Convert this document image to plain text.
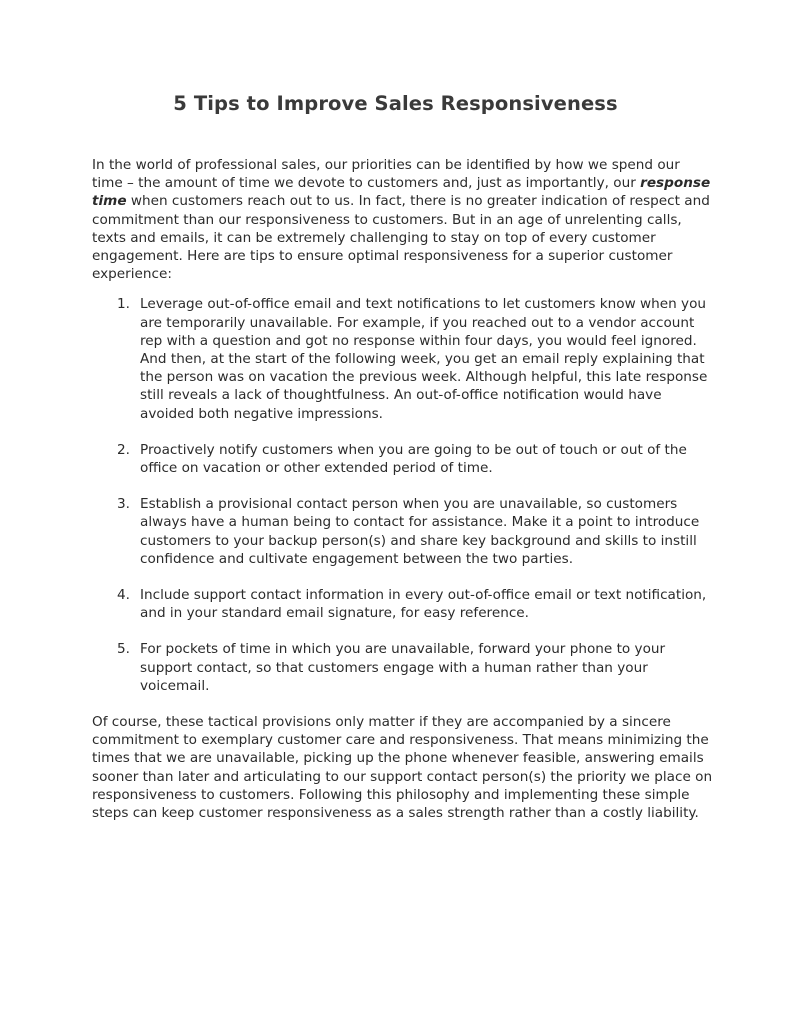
5 Tips to Improve Sales Responsiveness

In the world of professional sales, our priorities can be identified by how we spend our time – the amount of time we devote to customers and, just as importantly, our response time when customers reach out to us. In fact, there is no greater indication of respect and commitment than our responsiveness to customers. But in an age of unrelenting calls, texts and emails, it can be extremely challenging to stay on top of every customer engagement. Here are tips to ensure optimal responsiveness for a superior customer experience:

1. Leverage out-of-office email and text notifications to let customers know when you are temporarily unavailable. For example, if you reached out to a vendor account rep with a question and got no response within four days, you would feel ignored. And then, at the start of the following week, you get an email reply explaining that the person was on vacation the previous week. Although helpful, this late response still reveals a lack of thoughtfulness. An out-of-office notification would have avoided both negative impressions.
2. Proactively notify customers when you are going to be out of touch or out of the office on vacation or other extended period of time.
3. Establish a provisional contact person when you are unavailable, so customers always have a human being to contact for assistance. Make it a point to introduce customers to your backup person(s) and share key background and skills to instill confidence and cultivate engagement between the two parties.
4. Include support contact information in every out-of-office email or text notification, and in your standard email signature, for easy reference.
5. For pockets of time in which you are unavailable, forward your phone to your support contact, so that customers engage with a human rather than your voicemail.

Of course, these tactical provisions only matter if they are accompanied by a sincere commitment to exemplary customer care and responsiveness. That means minimizing the times that we are unavailable, picking up the phone whenever feasible, answering emails sooner than later and articulating to our support contact person(s) the priority we place on responsiveness to customers. Following this philosophy and implementing these simple steps can keep customer responsiveness as a sales strength rather than a costly liability.
